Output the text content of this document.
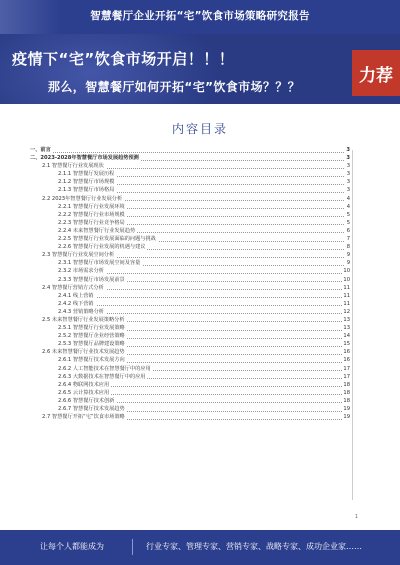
智慧餐厅企业开拓“宅”饮食市场策略研究报告
疫情下“宅”饮食市场开启！！！
那么，智慧餐厅如何开拓“宅”饮食市场？？？
力荐
内容目录
一、前言	3
二、2023-2028年智慧餐厅市场发展趋势预测	3
2.1 智慧餐厅行业发展现状	3
2.1.1 智慧餐厅发展历程	3
2.1.2 智慧餐厅市场规模	3
2.1.3 智慧餐厅市场格局	3
2.2 2023年智慧餐厅行业发展分析	4
2.2.1 智慧餐厅行业发展环境	4
2.2.2 智慧餐厅行业市场规模	5
2.2.3 智慧餐厅行业竞争格局	5
2.2.4 未来智慧餐厅行业发展趋势	6
2.2.5 智慧餐厅行业发展面临的问题与挑战	7
2.2.6 智慧餐厅行业发展的机遇与建议	8
2.3 智慧餐厅行业发展空间分析	9
2.3.1 智慧餐厅市场发展空间及容量	9
2.3.2 市场需求分析	10
2.3.3 智慧餐厅市场发展前景	10
2.4 智慧餐厅营销方式分析	11
2.4.1 线上营销	11
2.4.2 线下营销	11
2.4.3 营销策略分析	12
2.5 未来智慧餐厅行业发展策略分析	13
2.5.1 智慧餐厅行业发展策略	13
2.5.2 智慧餐厅企业经营策略	14
2.5.3 智慧餐厅品牌建设策略	15
2.6 未来智慧餐厅行业技术发展趋势	16
2.6.1 智慧餐厅技术发展方向	16
2.6.2 人工智能技术在智慧餐厅中的应用	17
2.6.3 大数据技术在智慧餐厅中的应用	17
2.6.4 物联网技术应用	18
2.6.5 云计算技术应用	18
2.6.6 智慧餐厅技术创新	18
2.6.7 智慧餐厅技术发展趋势	19
2.7 智慧餐厅开拓“宅”饮食市场策略	19
1
让每个人都能成为	行业专家、管理专家、营销专家、战略专家、成功企业家……
